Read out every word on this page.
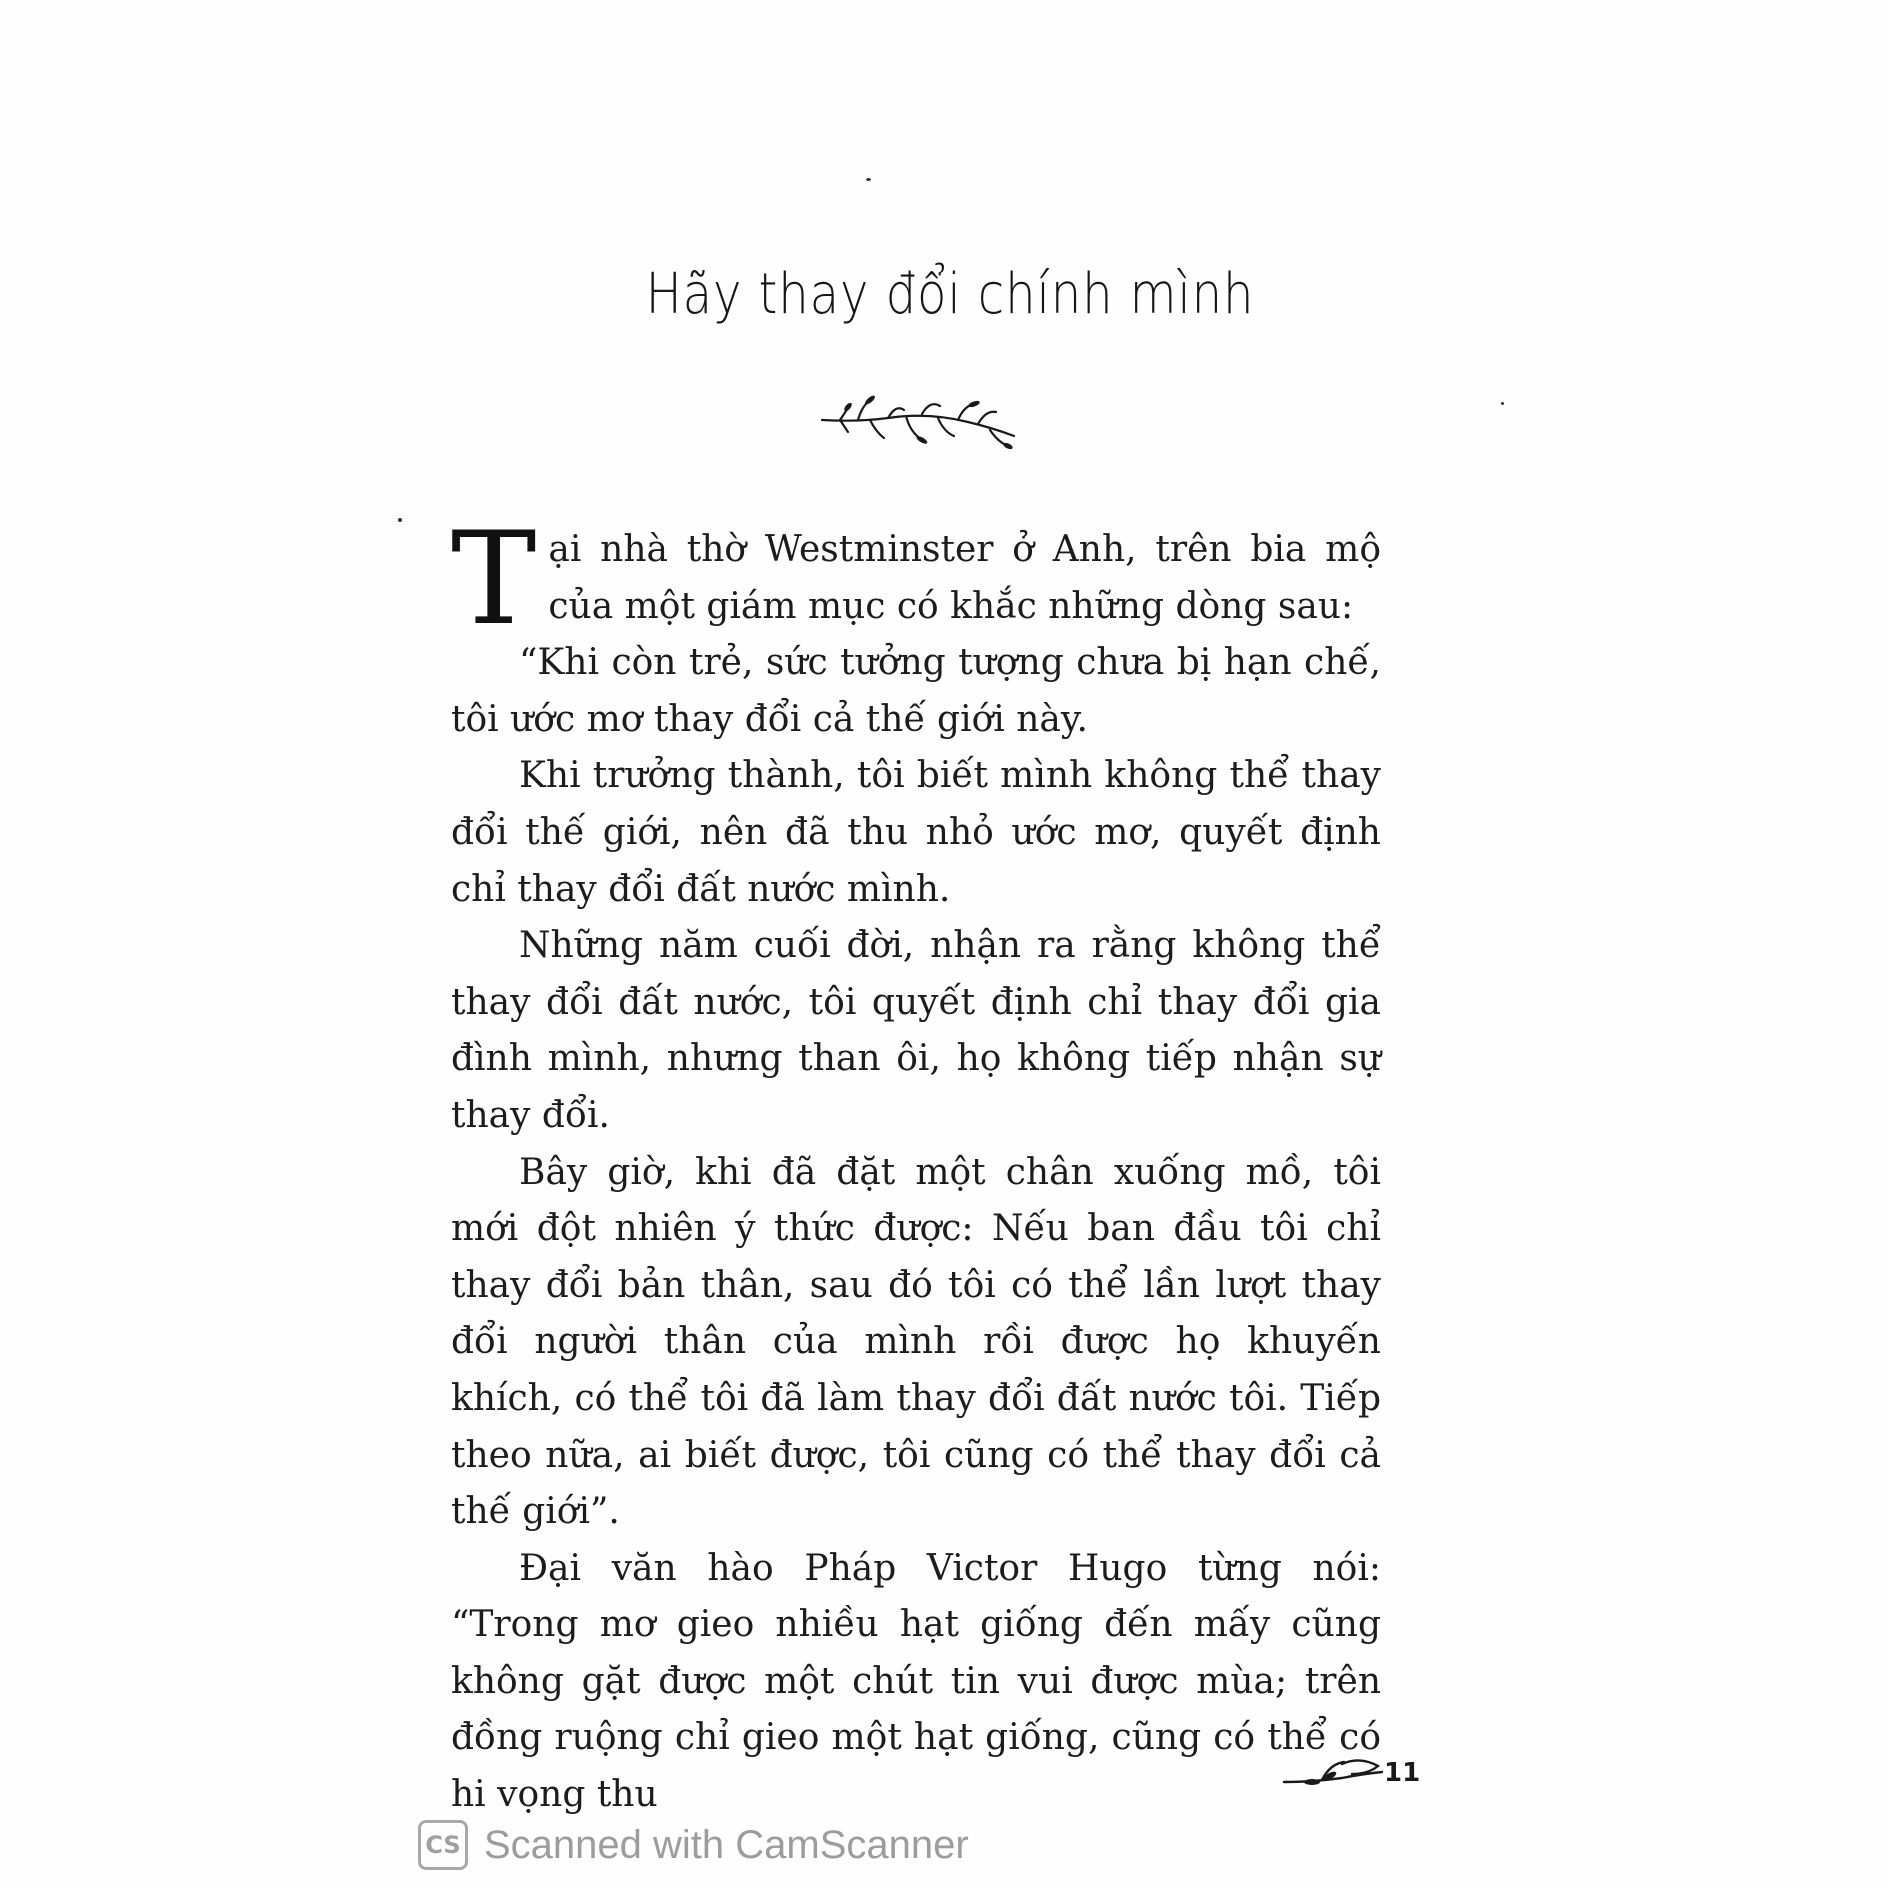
Hãy thay đổi chính mình

Tại nhà thờ Westminster ở Anh, trên bia mộ của một giám mục có khắc những dòng sau:

“Khi còn trẻ, sức tưởng tượng chưa bị hạn chế, tôi ước mơ thay đổi cả thế giới này.

Khi trưởng thành, tôi biết mình không thể thay đổi thế giới, nên đã thu nhỏ ước mơ, quyết định chỉ thay đổi đất nước mình.

Những năm cuối đời, nhận ra rằng không thể thay đổi đất nước, tôi quyết định chỉ thay đổi gia đình mình, nhưng than ôi, họ không tiếp nhận sự thay đổi.

Bây giờ, khi đã đặt một chân xuống mồ, tôi mới đột nhiên ý thức được: Nếu ban đầu tôi chỉ thay đổi bản thân, sau đó tôi có thể lần lượt thay đổi người thân của mình rồi được họ khuyến khích, có thể tôi đã làm thay đổi đất nước tôi. Tiếp theo nữa, ai biết được, tôi cũng có thể thay đổi cả thế giới”.

Đại văn hào Pháp Victor Hugo từng nói: “Trong mơ gieo nhiều hạt giống đến mấy cũng không gặt được một chút tin vui được mùa; trên đồng ruộng chỉ gieo một hạt giống, cũng có thể có hi vọng thu

11
CS Scanned with CamScanner
